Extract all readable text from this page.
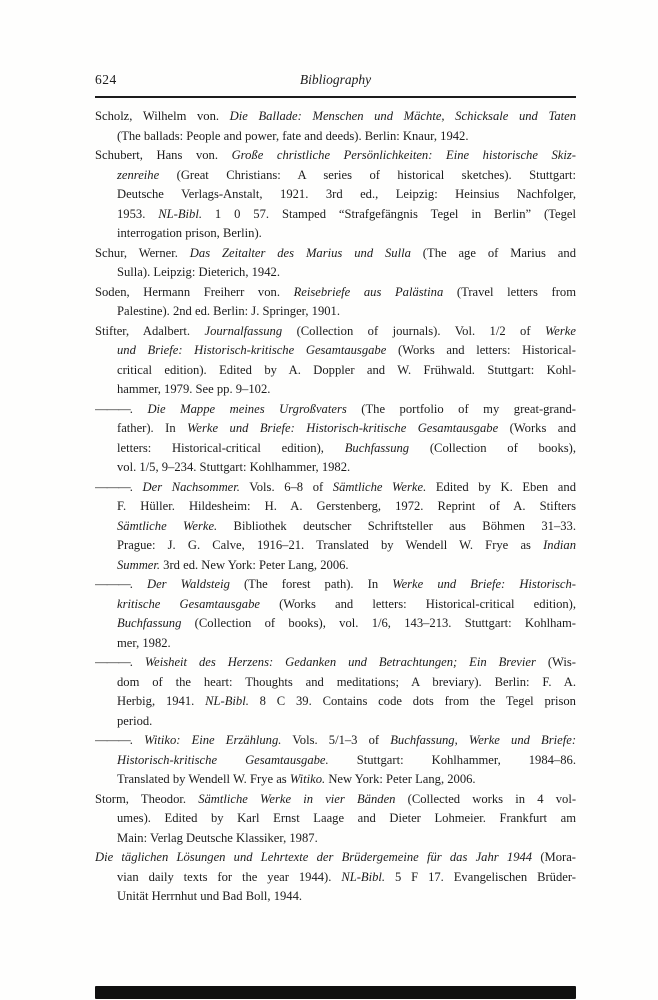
624	Bibliography
Scholz, Wilhelm von. Die Ballade: Menschen und Mächte, Schicksale und Taten
(The ballads: People and power, fate and deeds). Berlin: Knaur, 1942.
Schubert, Hans von. Große christliche Persönlichkeiten: Eine historische Skiz-
zenreihe (Great Christians: A series of historical sketches). Stuttgart:
Deutsche Verlags-Anstalt, 1921. 3rd ed., Leipzig: Heinsius Nachfolger,
1953. NL-Bibl. 1 0 57. Stamped “Strafgefängnis Tegel in Berlin” (Tegel
interrogation prison, Berlin).
Schur, Werner. Das Zeitalter des Marius und Sulla (The age of Marius and
Sulla). Leipzig: Dieterich, 1942.
Soden, Hermann Freiherr von. Reisebriefe aus Palästina (Travel letters from
Palestine). 2nd ed. Berlin: J. Springer, 1901.
Stifter, Adalbert. Journalfassung (Collection of journals). Vol. 1/2 of Werke
und Briefe: Historisch-kritische Gesamtausgabe (Works and letters: Historical-
critical edition). Edited by A. Doppler and W. Frühwald. Stuttgart: Kohl-
hammer, 1979. See pp. 9–102.
———. Die Mappe meines Urgroßvaters (The portfolio of my great-grand-
father). In Werke und Briefe: Historisch-kritische Gesamtausgabe (Works and
letters: Historical-critical edition), Buchfassung (Collection of books),
vol. 1/5, 9–234. Stuttgart: Kohlhammer, 1982.
———. Der Nachsommer. Vols. 6–8 of Sämtliche Werke. Edited by K. Eben and
F. Hüller. Hildesheim: H. A. Gerstenberg, 1972. Reprint of A. Stifters
Sämtliche Werke. Bibliothek deutscher Schriftsteller aus Böhmen 31–33.
Prague: J. G. Calve, 1916–21. Translated by Wendell W. Frye as Indian
Summer. 3rd ed. New York: Peter Lang, 2006.
———. Der Waldsteig (The forest path). In Werke und Briefe: Historisch-
kritische Gesamtausgabe (Works and letters: Historical-critical edition),
Buchfassung (Collection of books), vol. 1/6, 143–213. Stuttgart: Kohlham-
mer, 1982.
———. Weisheit des Herzens: Gedanken und Betrachtungen; Ein Brevier (Wis-
dom of the heart: Thoughts and meditations; A breviary). Berlin: F. A.
Herbig, 1941. NL-Bibl. 8 C 39. Contains code dots from the Tegel prison
period.
———. Witiko: Eine Erzählung. Vols. 5/1–3 of Buchfassung, Werke und Briefe:
Historisch-kritische Gesamtausgabe. Stuttgart: Kohlhammer, 1984–86.
Translated by Wendell W. Frye as Witiko. New York: Peter Lang, 2006.
Storm, Theodor. Sämtliche Werke in vier Bänden (Collected works in 4 vol-
umes). Edited by Karl Ernst Laage and Dieter Lohmeier. Frankfurt am
Main: Verlag Deutsche Klassiker, 1987.
Die täglichen Lösungen und Lehrtexte der Brüdergemeine für das Jahr 1944 (Mora-
vian daily texts for the year 1944). NL-Bibl. 5 F 17. Evangelischen Brüder-
Unität Herrnhut und Bad Boll, 1944.
